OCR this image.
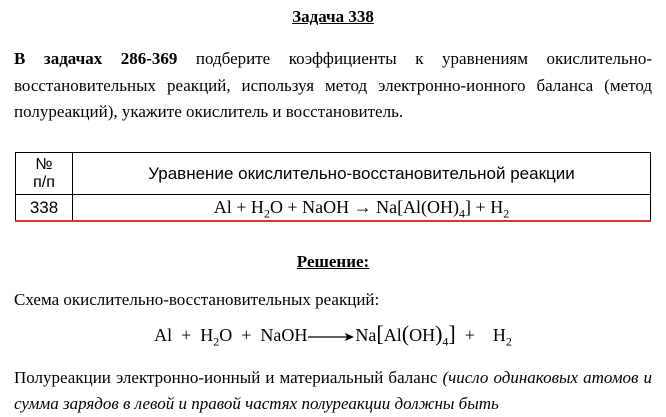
Задача 338
В задачах 286-369 подберите коэффициенты к уравнениям окислительно-восстановительных реакций, используя метод электронно-ионного баланса (метод полуреакций), укажите окислитель и восстановитель.
№
п/п	Уравнение окислительно-восстановительной реакции
338	$Al + H_2O$ + NaOH → $Na[Al(OH)_4] + H_2$
Решение:
Схема окислительно-восстановительных реакций:
$Al + H_2O$ + NaOH	$Na[Al(OH)_4] + H_2$
Полуреакции электронно-ионный и материальный баланс (число одинаковых атомов и сумма зарядов в левой и правой частях полуреакции должны быть
